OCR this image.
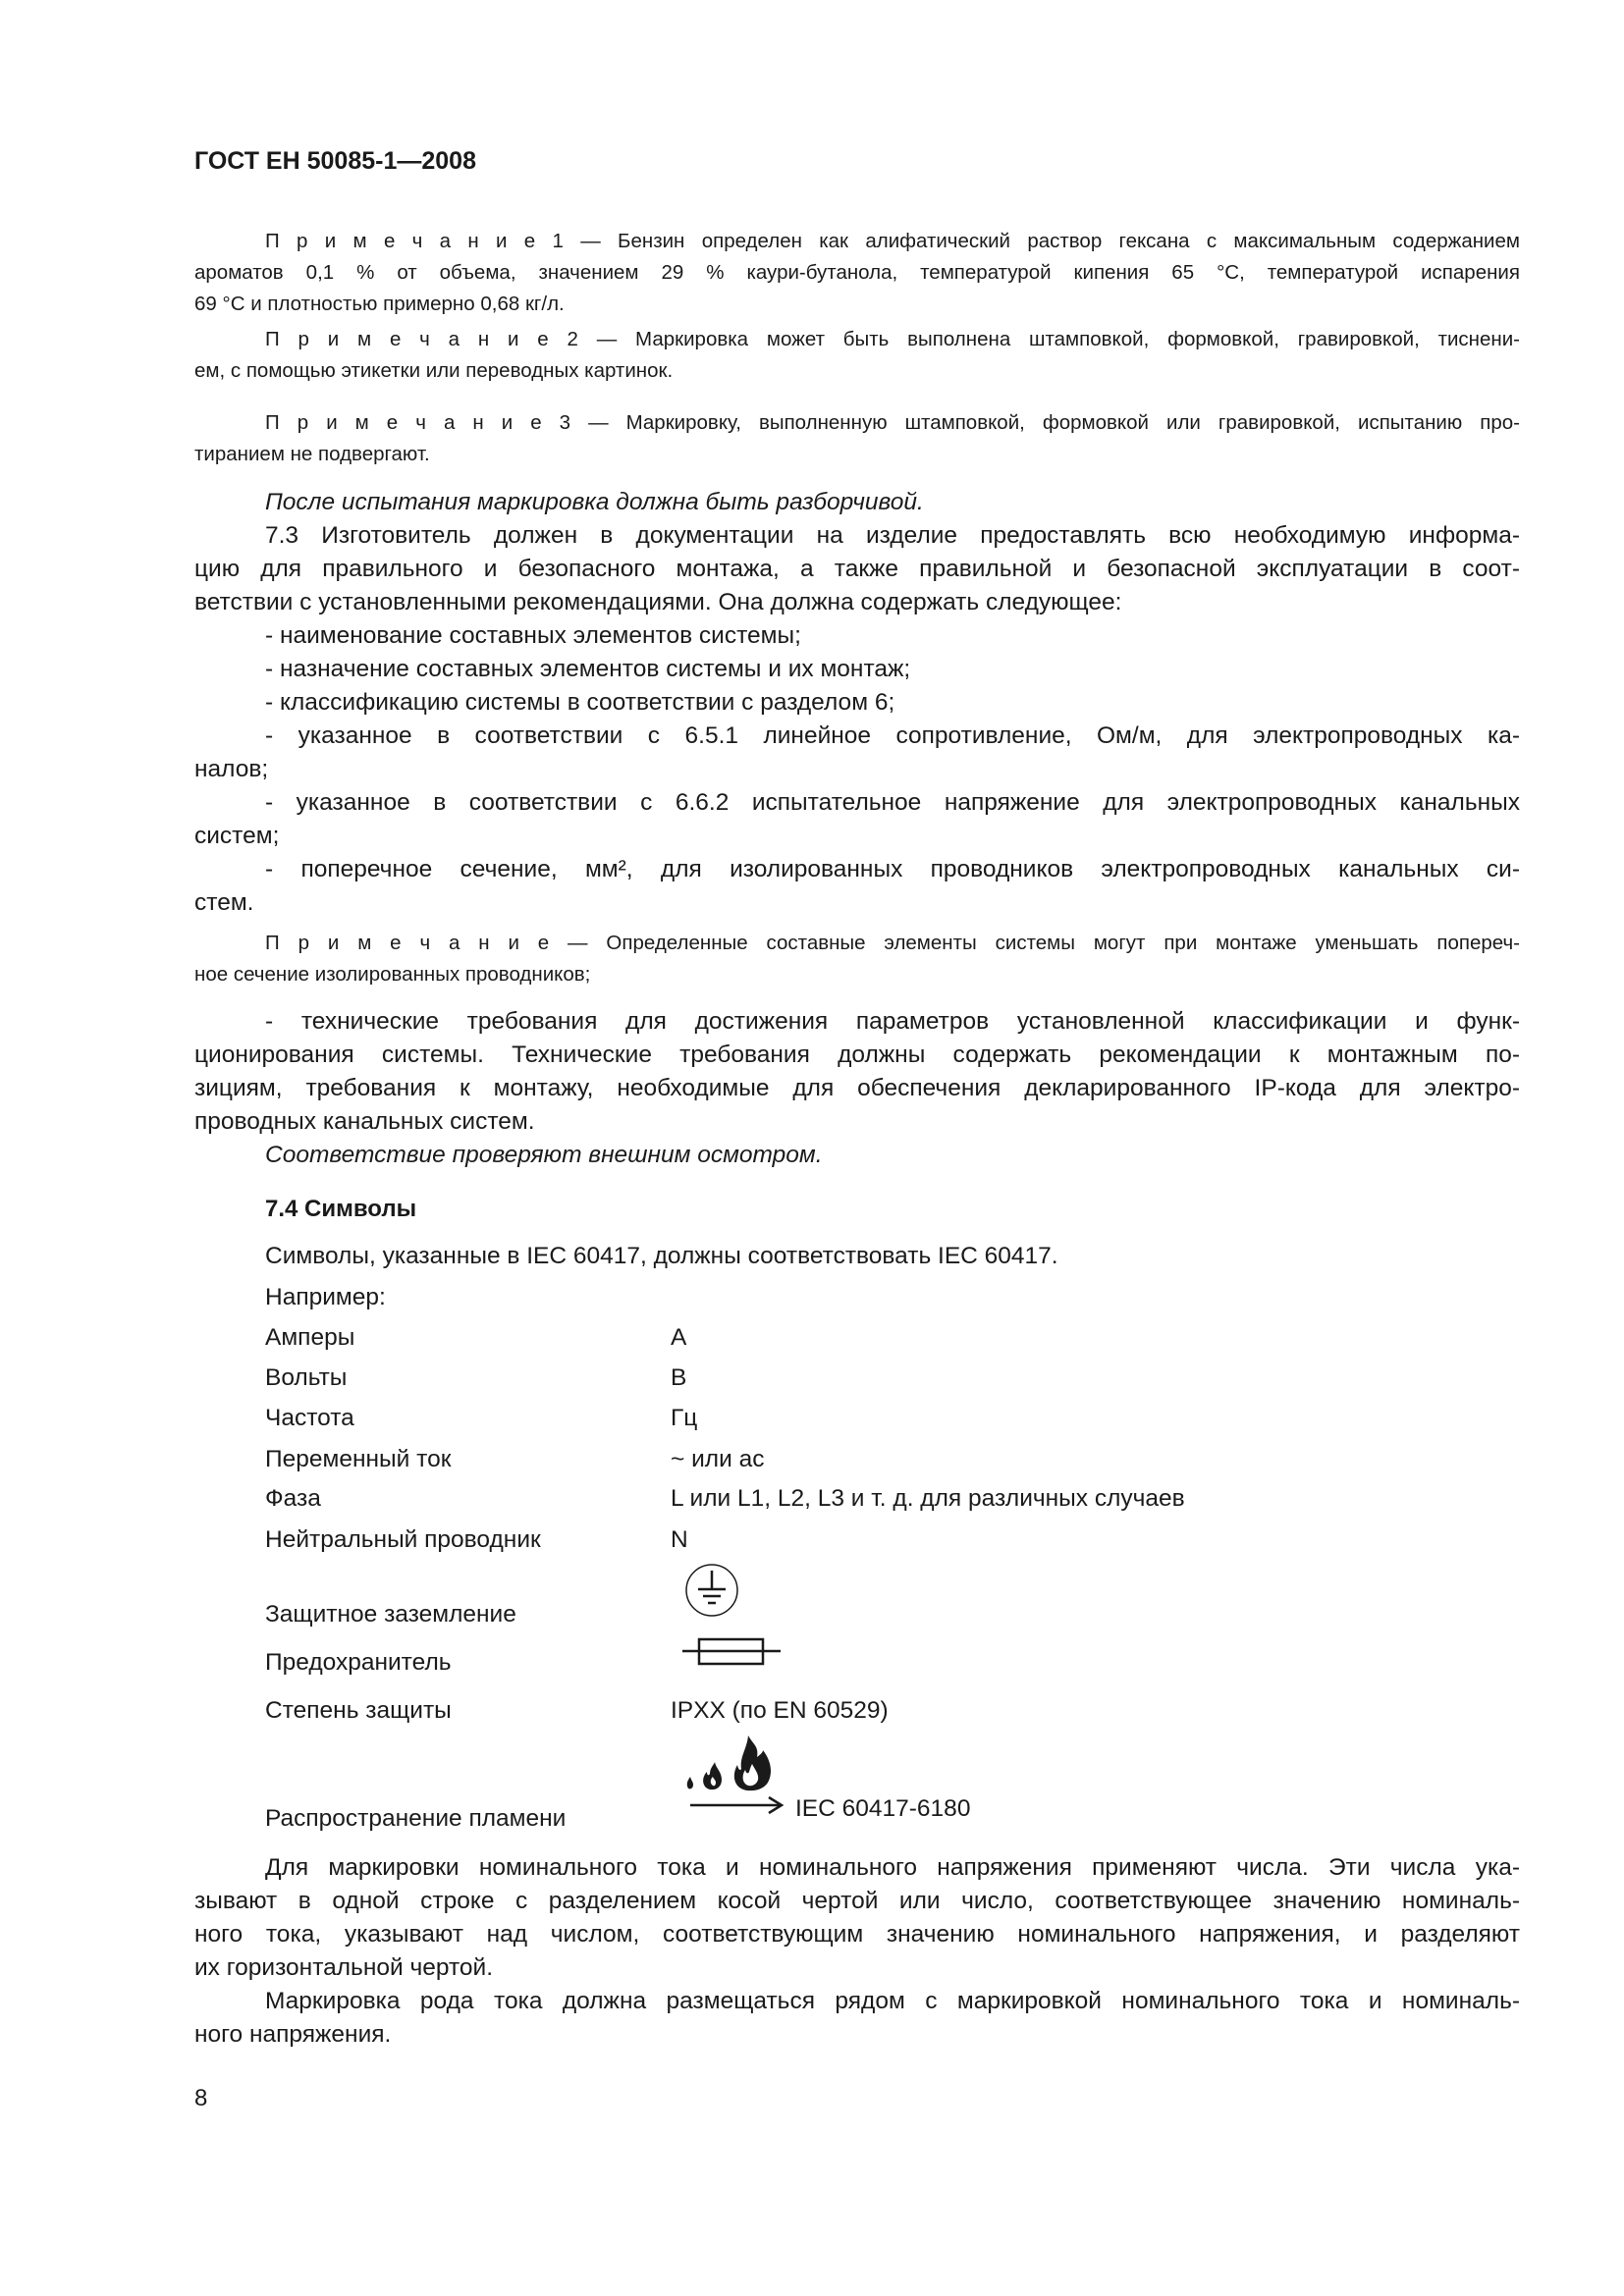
ГОСТ ЕН 50085-1—2008
П р и м е ч а н и е 1 — Бензин определен как алифатический раствор гексана с максимальным содержанием
ароматов 0,1 % от объема, значением 29 % каури-бутанола, температурой кипения 65 °С, температурой испарения
69 °С и плотностью примерно 0,68 кг/л.
П р и м е ч а н и е 2 — Маркировка может быть выполнена штамповкой, формовкой, гравировкой, тиснени-
ем, с помощью этикетки или переводных картинок.
П р и м е ч а н и е 3 — Маркировку, выполненную штамповкой, формовкой или гравировкой, испытанию про-
тиранием не подвергают.
После испытания маркировка должна быть разборчивой.
7.3 Изготовитель должен в документации на изделие предоставлять всю необходимую информа-
цию для правильного и безопасного монтажа, а также правильной и безопасной эксплуатации в соот-
ветствии с установленными рекомендациями. Она должна содержать следующее:
- наименование составных элементов системы;
- назначение составных элементов системы и их монтаж;
- классификацию системы в соответствии с разделом 6;
- указанное в соответствии с 6.5.1 линейное сопротивление, Ом/м, для электропроводных ка-
налов;
- указанное в соответствии с 6.6.2 испытательное напряжение для электропроводных канальных
систем;
- поперечное сечение, мм², для изолированных проводников электропроводных канальных си-
стем.
П р и м е ч а н и е — Определенные составные элементы системы могут при монтаже уменьшать попереч-
ное сечение изолированных проводников;
- технические требования для достижения параметров установленной классификации и функ-
ционирования системы. Технические требования должны содержать рекомендации к монтажным по-
зициям, требования к монтажу, необходимые для обеспечения декларированного IP-кода для электро-
проводных канальных систем.
Соответствие проверяют внешним осмотром.
7.4 Символы
Символы, указанные в IEC 60417, должны соответствовать IEC 60417.
Например:
Амперы	А
Вольты	В
Частота	Гц
Переменный ток	~ или ас
Фаза	L или L1, L2, L3 и т. д. для различных случаев
Нейтральный проводник	N
Защитное заземление
Предохранитель
Степень защиты	IPXX (по EN 60529)
Распространение пламени	IEC 60417-6180
Для маркировки номинального тока и номинального напряжения применяют числа. Эти числа ука-
зывают в одной строке с разделением косой чертой или число, соответствующее значению номиналь-
ного тока, указывают над числом, соответствующим значению номинального напряжения, и разделяют
их горизонтальной чертой.
Маркировка рода тока должна размещаться рядом с маркировкой номинального тока и номиналь-
ного напряжения.
8
